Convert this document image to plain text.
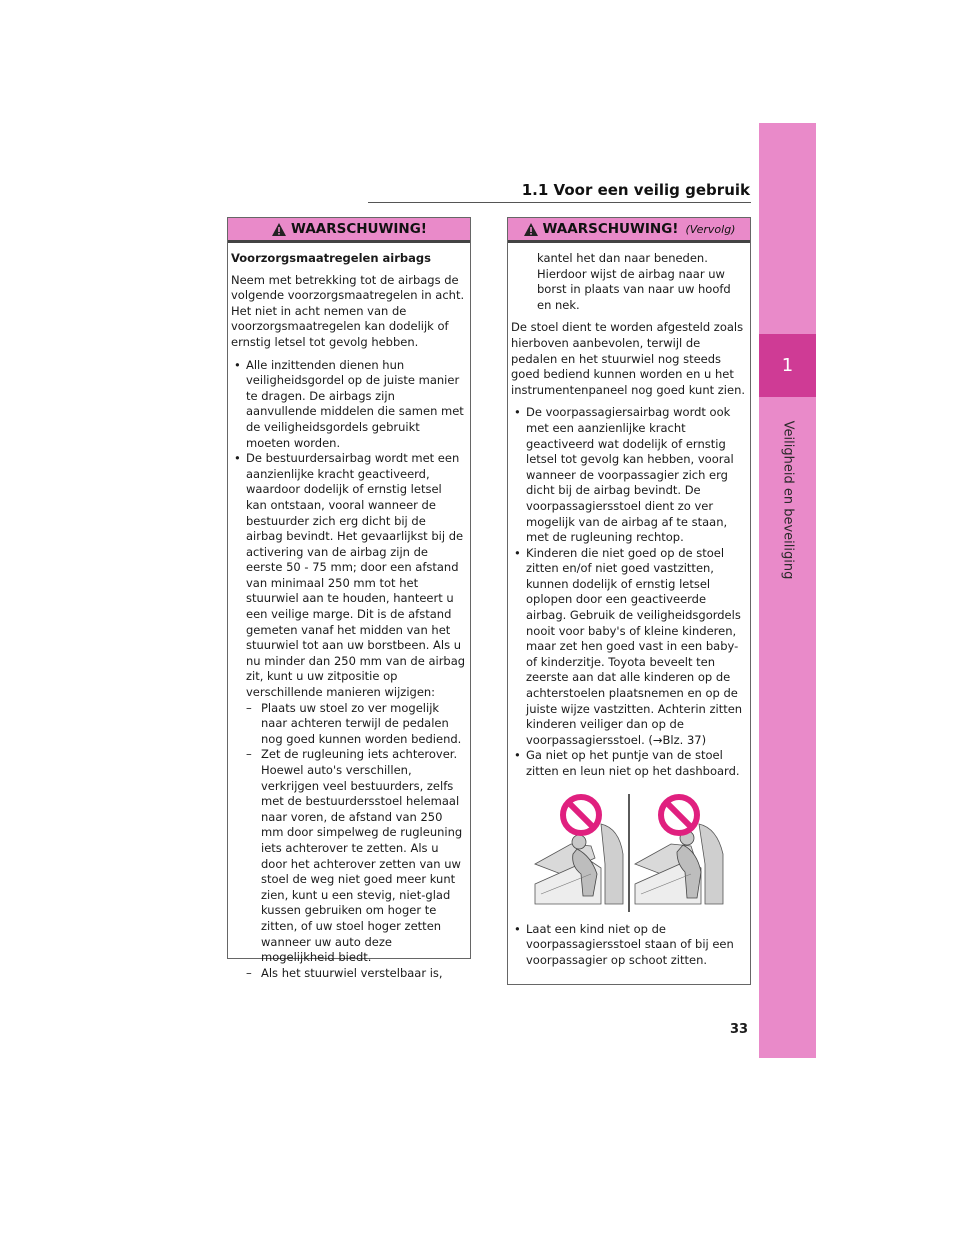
1
Veiligheid en beveiliging
1.1 Voor een veilig gebruik
WAARSCHUWING!

Voorzorgsmaatregelen airbags

Neem met betrekking tot de airbags de volgende voorzorgsmaatregelen in acht. Het niet in acht nemen van de voorzorgsmaatregelen kan dodelijk of ernstig letsel tot gevolg hebben.

• Alle inzittenden dienen hun veiligheidsgordel op de juiste manier te dragen. De airbags zijn aanvullende middelen die samen met de veiligheidsgordels gebruikt moeten worden.
• De bestuurdersairbag wordt met een aanzienlijke kracht geactiveerd, waardoor dodelijk of ernstig letsel kan ontstaan, vooral wanneer de bestuurder zich erg dicht bij de airbag bevindt. Het gevaarlijkst bij de activering van de airbag zijn de eerste 50 - 75 mm; door een afstand van minimaal 250 mm tot het stuurwiel aan te houden, hanteert u een veilige marge. Dit is de afstand gemeten vanaf het midden van het stuurwiel tot aan uw borstbeen. Als u nu minder dan 250 mm van de airbag zit, kunt u uw zitpositie op verschillende manieren wijzigen:
– Plaats uw stoel zo ver mogelijk naar achteren terwijl de pedalen nog goed kunnen worden bediend.
– Zet de rugleuning iets achterover. Hoewel auto's verschillen, verkrijgen veel bestuurders, zelfs met de bestuurdersstoel helemaal naar voren, de afstand van 250 mm door simpelweg de rugleuning iets achterover te zetten. Als u door het achterover zetten van uw stoel de weg niet goed meer kunt zien, kunt u een stevig, niet-glad kussen gebruiken om hoger te zitten, of uw stoel hoger zetten wanneer uw auto deze mogelijkheid biedt.
– Als het stuurwiel verstelbaar is,
WAARSCHUWING! (Vervolg)

kantel het dan naar beneden. Hierdoor wijst de airbag naar uw borst in plaats van naar uw hoofd en nek.

De stoel dient te worden afgesteld zoals hierboven aanbevolen, terwijl de pedalen en het stuurwiel nog steeds goed bediend kunnen worden en u het instrumentenpaneel nog goed kunt zien.

• De voorpassagiersairbag wordt ook met een aanzienlijke kracht geactiveerd wat dodelijk of ernstig letsel tot gevolg kan hebben, vooral wanneer de voorpassagier zich erg dicht bij de airbag bevindt. De voorpassagiersstoel dient zo ver mogelijk van de airbag af te staan, met de rugleuning rechtop.
• Kinderen die niet goed op de stoel zitten en/of niet goed vastzitten, kunnen dodelijk of ernstig letsel oplopen door een geactiveerde airbag. Gebruik de veiligheidsgordels nooit voor baby's of kleine kinderen, maar zet hen goed vast in een baby- of kinderzitje. Toyota beveelt ten zeerste aan dat alle kinderen op de achterstoelen plaatsnemen en op de juiste wijze vastzitten. Achterin zitten kinderen veiliger dan op de voorpassagiersstoel. (→Blz. 37)
• Ga niet op het puntje van de stoel zitten en leun niet op het dashboard.
• Laat een kind niet op de voorpassagiersstoel staan of bij een voorpassagier op schoot zitten.
33
